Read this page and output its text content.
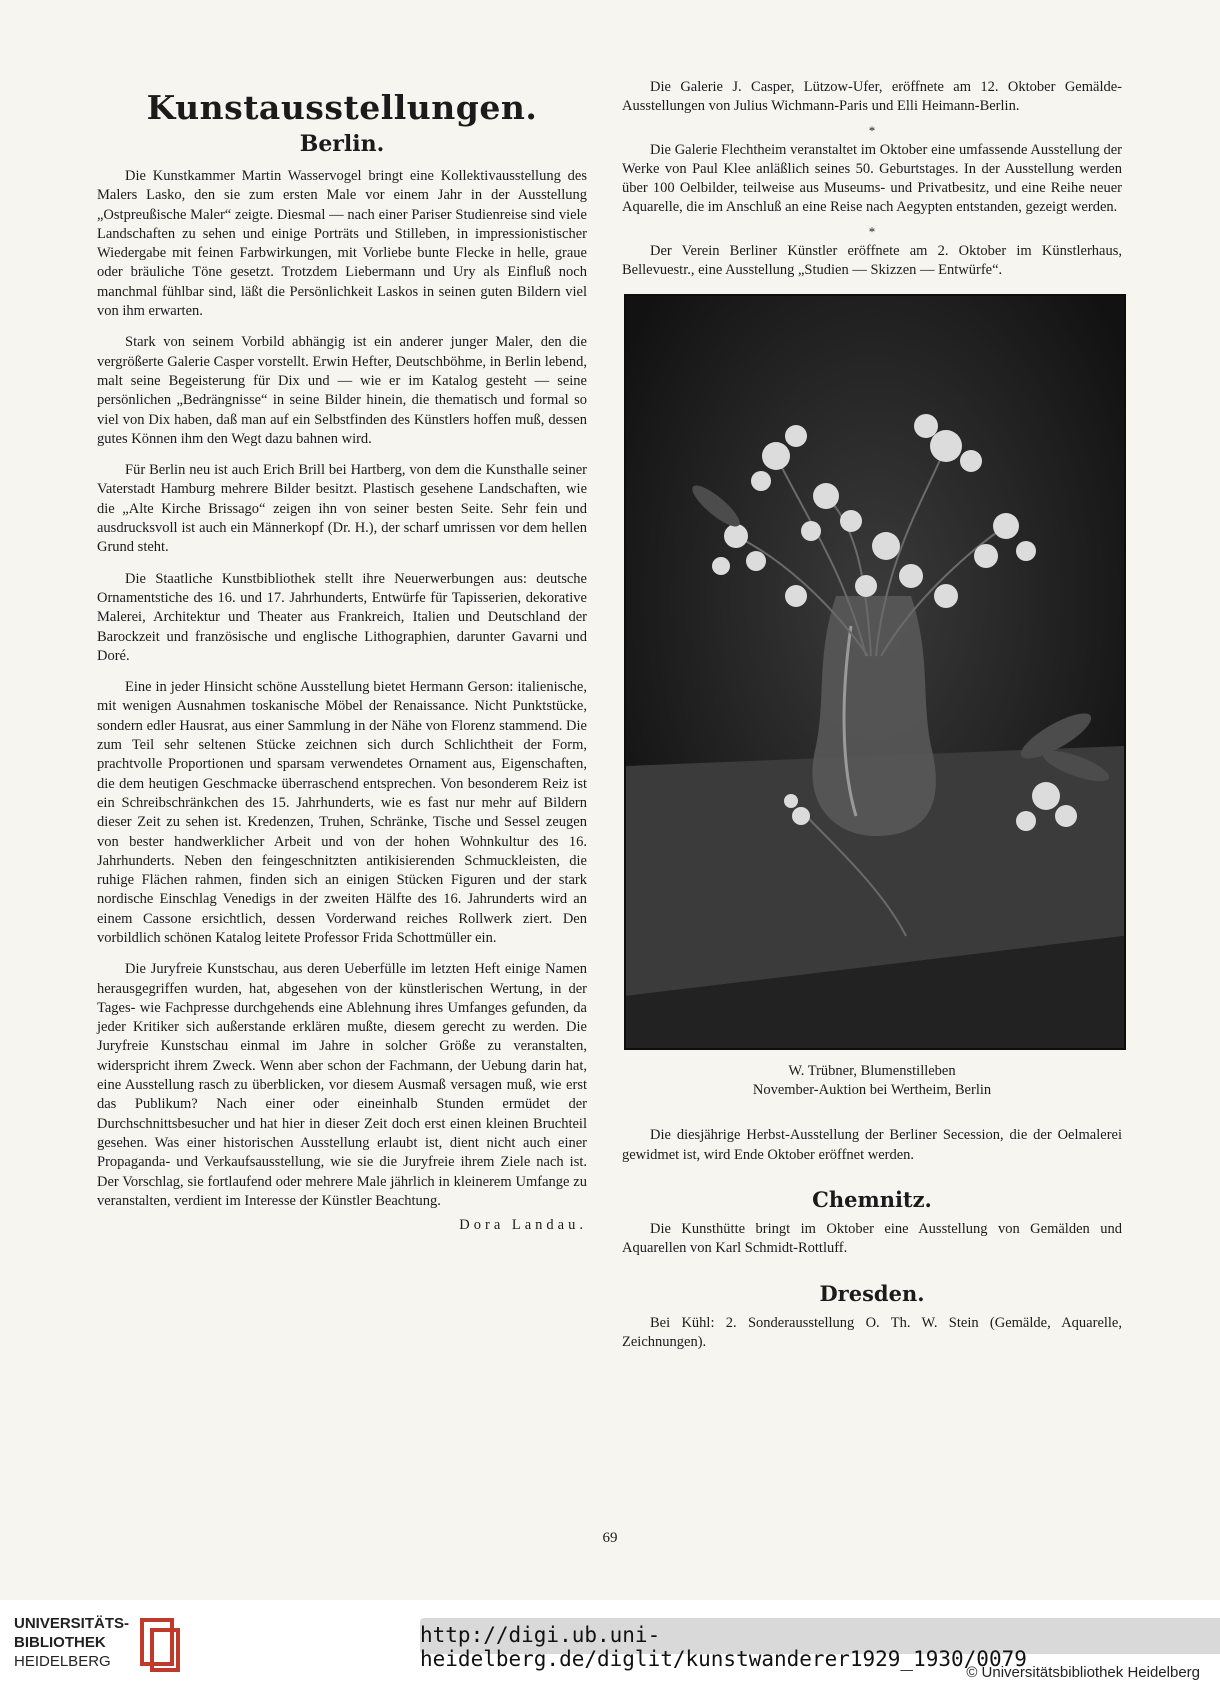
Kunstausstellungen.
Berlin.

Die Kunstkammer Martin Wasservogel bringt eine Kollektivausstellung des Malers Lasko, den sie zum ersten Male vor einem Jahr in der Ausstellung „Ostpreußische Maler“ zeigte. Diesmal — nach einer Pariser Studienreise sind viele Landschaften zu sehen und einige Porträts und Stilleben, in impressionistischer Wiedergabe mit feinen Farbwirkungen, mit Vorliebe bunte Flecke in helle, graue oder bräuliche Töne gesetzt. Trotzdem Liebermann und Ury als Einfluß noch manchmal fühlbar sind, läßt die Persönlichkeit Laskos in seinen guten Bildern viel von ihm erwarten.

Stark von seinem Vorbild abhängig ist ein anderer junger Maler, den die vergrößerte Galerie Casper vorstellt. Erwin Hefter, Deutschböhme, in Berlin lebend, malt seine Begeisterung für Dix und — wie er im Katalog gesteht — seine persönlichen „Bedrängnisse“ in seine Bilder hinein, die thematisch und formal so viel von Dix haben, daß man auf ein Selbstfinden des Künstlers hoffen muß, dessen gutes Können ihm den Wegt dazu bahnen wird.

Für Berlin neu ist auch Erich Brill bei Hartberg, von dem die Kunsthalle seiner Vaterstadt Hamburg mehrere Bilder besitzt. Plastisch gesehene Landschaften, wie die „Alte Kirche Brissago“ zeigen ihn von seiner besten Seite. Sehr fein und ausdrucksvoll ist auch ein Männerkopf (Dr. H.), der scharf umrissen vor dem hellen Grund steht.

Die Staatliche Kunstbibliothek stellt ihre Neuerwerbungen aus: deutsche Ornamentstiche des 16. und 17. Jahrhunderts, Entwürfe für Tapisserien, dekorative Malerei, Architektur und Theater aus Frankreich, Italien und Deutschland der Barockzeit und französische und englische Lithographien, darunter Gavarni und Doré.

Eine in jeder Hinsicht schöne Ausstellung bietet Hermann Gerson: italienische, mit wenigen Ausnahmen toskanische Möbel der Renaissance. Nicht Punktstücke, sondern edler Hausrat, aus einer Sammlung in der Nähe von Florenz stammend. Die zum Teil sehr seltenen Stücke zeichnen sich durch Schlichtheit der Form, prachtvolle Proportionen und sparsam verwendetes Ornament aus, Eigenschaften, die dem heutigen Geschmacke überraschend entsprechen. Von besonderem Reiz ist ein Schreibschränkchen des 15. Jahrhunderts, wie es fast nur mehr auf Bildern dieser Zeit zu sehen ist. Kredenzen, Truhen, Schränke, Tische und Sessel zeugen von bester handwerklicher Arbeit und von der hohen Wohnkultur des 16. Jahrhunderts. Neben den feingeschnitzten antikisierenden Schmuckleisten, die ruhige Flächen rahmen, finden sich an einigen Stücken Figuren und der stark nordische Einschlag Venedigs in der zweiten Hälfte des 16. Jahrunderts wird an einem Cassone ersichtlich, dessen Vorderwand reiches Rollwerk ziert. Den vorbildlich schönen Katalog leitete Professor Frida Schottmüller ein.

Die Juryfreie Kunstschau, aus deren Ueberfülle im letzten Heft einige Namen herausgegriffen wurden, hat, abgesehen von der künstlerischen Wertung, in der Tages- wie Fachpresse durchgehends eine Ablehnung ihres Umfanges gefunden, da jeder Kritiker sich außerstande erklären mußte, diesem gerecht zu werden. Die Juryfreie Kunstschau einmal im Jahre in solcher Größe zu veranstalten, widerspricht ihrem Zweck. Wenn aber schon der Fachmann, der Uebung darin hat, eine Ausstellung rasch zu überblicken, vor diesem Ausmaß versagen muß, wie erst das Publikum? Nach einer oder eineinhalb Stunden ermüdet der Durchschnittsbesucher und hat hier in dieser Zeit doch erst einen kleinen Bruchteil gesehen. Was einer historischen Ausstellung erlaubt ist, dient nicht auch einer Propaganda- und Verkaufsausstellung, wie sie die Juryfreie ihrem Ziele nach ist. Der Vorschlag, sie fortlaufend oder mehrere Male jährlich in kleinerem Umfange zu veranstalten, verdient im Interesse der Künstler Beachtung.

Dora Landau.

Die Galerie J. Casper, Lützow-Ufer, eröffnete am 12. Oktober Gemälde-Ausstellungen von Julius Wichmann-Paris und Elli Heimann-Berlin.

*

Die Galerie Flechtheim veranstaltet im Oktober eine umfassende Ausstellung der Werke von Paul Klee anläßlich seines 50. Geburtstages. In der Ausstellung werden über 100 Oelbilder, teilweise aus Museums- und Privatbesitz, und eine Reihe neuer Aquarelle, die im Anschluß an eine Reise nach Aegypten entstanden, gezeigt werden.

*

Der Verein Berliner Künstler eröffnete am 2. Oktober im Künstlerhaus, Bellevuestr., eine Ausstellung „Studien — Skizzen — Entwürfe“.

W. Trübner, Blumenstilleben
November-Auktion bei Wertheim, Berlin

Die diesjährige Herbst-Ausstellung der Berliner Secession, die der Oelmalerei gewidmet ist, wird Ende Oktober eröffnet werden.

Chemnitz.

Die Kunsthütte bringt im Oktober eine Ausstellung von Gemälden und Aquarellen von Karl Schmidt-Rottluff.

Dresden.

Bei Kühl: 2. Sonderausstellung O. Th. W. Stein (Gemälde, Aquarelle, Zeichnungen).

69
UNIVERSITÄTS-
BIBLIOTHEK
HEIDELBERG
http://digi.ub.uni-heidelberg.de/diglit/kunstwanderer1929_1930/0079
© Universitätsbibliothek Heidelberg
